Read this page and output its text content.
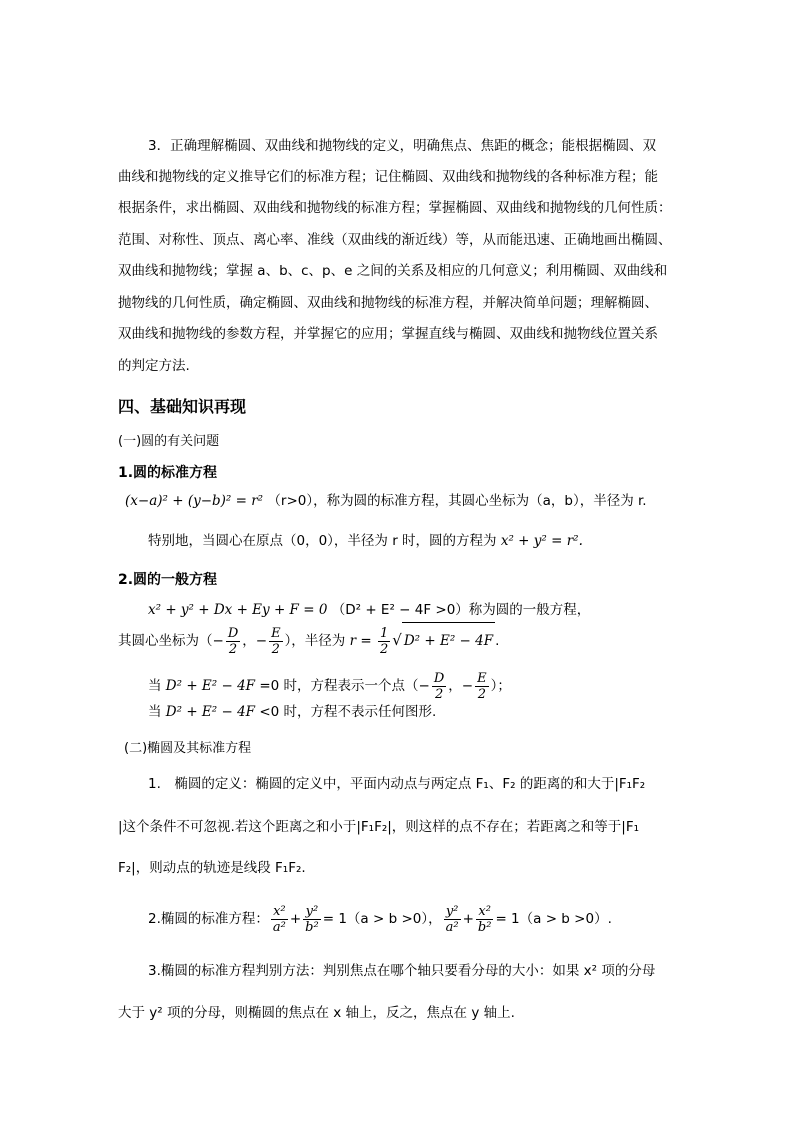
3．正确理解椭圆、双曲线和抛物线的定义，明确焦点、焦距的概念；能根据椭圆、双
曲线和抛物线的定义推导它们的标准方程；记住椭圆、双曲线和抛物线的各种标准方程；能
根据条件，求出椭圆、双曲线和抛物线的标准方程；掌握椭圆、双曲线和抛物线的几何性质：
范围、对称性、顶点、离心率、准线（双曲线的渐近线）等，从而能迅速、正确地画出椭圆、
双曲线和抛物线；掌握 a、b、c、p、e 之间的关系及相应的几何意义；利用椭圆、双曲线和
抛物线的几何性质，确定椭圆、双曲线和抛物线的标准方程，并解决简单问题；理解椭圆、
双曲线和抛物线的参数方程，并掌握它的应用；掌握直线与椭圆、双曲线和抛物线位置关系
的判定方法.
四、基础知识再现
(一)圆的有关问题
1.圆的标准方程
(x−a)² + (y−b)² = r² （r>0），称为圆的标准方程，其圆心坐标为（a，b），半径为 r.
特别地，当圆心在原点（0，0），半径为 r 时，圆的方程为 x² + y² = r².
2.圆的一般方程
x² + y² + Dx + Ey + F = 0 （D² + E² − 4F >0）称为圆的一般方程，
其圆心坐标为（− $\frac{D}{2}$ ，− $\frac{E}{2}$ ），半径为 $r = \frac{1}{2}$ √ D² + E² − 4F .
当 D² + E² − 4F =0 时，方程表示一个点（− $\frac{D}{2}$ ，− $\frac{E}{2}$ ）；
当 D² + E² − 4F <0 时，方程不表示任何图形.
(二)椭圆及其标准方程
1.　椭圆的定义：椭圆的定义中，平面内动点与两定点 F₁、F₂ 的距离的和大于|F₁F₂
|这个条件不可忽视.若这个距离之和小于|F₁F₂|，则这样的点不存在；若距离之和等于|F₁
F₂|，则动点的轨迹是线段 F₁F₂.
2.椭圆的标准方程： $\frac{\text{x²}}{\text{a²}} + \frac{\text{y²}}{\text{b²}} = 1(a > b >0)$， $\frac{\text{y²}}{\text{a²}} + \frac{\text{x²}}{\text{b²}} = 1(a > b >0)$.
3.椭圆的标准方程判别方法：判别焦点在哪个轴只要看分母的大小：如果 x² 项的分母
大于 y² 项的分母，则椭圆的焦点在 x 轴上，反之，焦点在 y 轴上.
